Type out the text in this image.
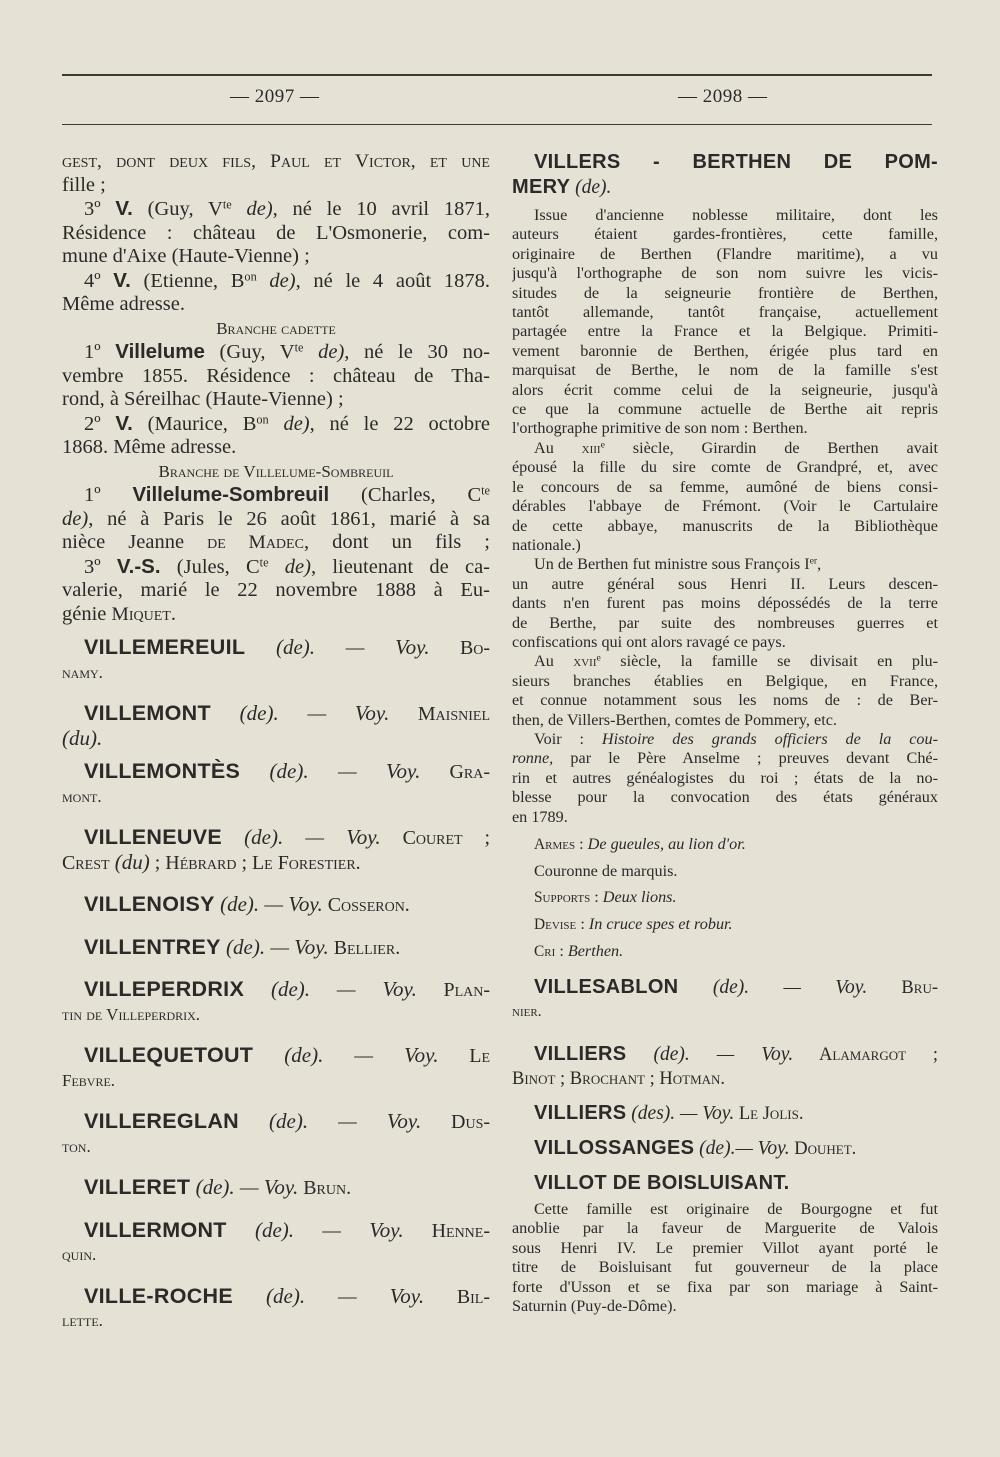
— 2097 —	— 2098 —
gest, dont deux fils, Paul et Victor, et une
fille ;
3º V. (Guy, $V^{te}$ de), né le 10 avril 1871,
Résidence : château de L'Osmonerie, com-
mune d'Aixe (Haute-Vienne) ;
4º V. (Etienne, $B^{on}$ de), né le 4 août 1878.
Même adresse.
Branche cadette
1º Villelume (Guy, $V^{te}$ de), né le 30 no-
vembre 1855. Résidence : château de Tha-
rond, à Séreilhac (Haute-Vienne) ;
2º V. (Maurice, $B^{on}$ de), né le 22 octobre
1868. Même adresse.
Branche de Villelume-Sombreuil
1º Villelume-Sombreuil (Charles, $C^{te}$
de), né à Paris le 26 août 1861, marié à sa
nièce Jeanne de Madec, dont un fils ;
3º V.-S. (Jules, $C^{te}$ de), lieutenant de ca-
valerie, marié le 22 novembre 1888 à Eu-
génie Miquet.
VILLEMEREUIL (de). — Voy. Bo-
namy.
VILLEMONT (de). — Voy. Maisniel
(du).
VILLEMONTÈS (de). — Voy. Gra-
mont.
VILLENEUVE (de). — Voy. Couret ;
Crest (du) ; Hébrard ; Le Forestier.
VILLENOISY (de). — Voy. Cosseron.
VILLENTREY (de). — Voy. Bellier.
VILLEPERDRIX (de). — Voy. Plan-
tin de Villeperdrix.
VILLEQUETOUT (de). — Voy. Le
Febvre.
VILLEREGLAN (de). — Voy. Dus-
ton.
VILLERET (de). — Voy. Brun.
VILLERMONT (de). — Voy. Henne-
quin.
VILLE-ROCHE (de). — Voy. Bil-
lette.
VILLERS - BERTHEN DE POM-
MERY (de).
Issue d'ancienne noblesse militaire, dont les
auteurs étaient gardes-frontières, cette famille,
originaire de Berthen (Flandre maritime), a vu
jusqu'à l'orthographe de son nom suivre les vicis-
situdes de la seigneurie frontière de Berthen,
tantôt allemande, tantôt française, actuellement
partagée entre la France et la Belgique. Primiti-
vement baronnie de Berthen, érigée plus tard en
marquisat de Berthe, le nom de la famille s'est
alors écrit comme celui de la seigneurie, jusqu'à
ce que la commune actuelle de Berthe ait repris
l'orthographe primitive de son nom : Berthen.
Au xiii$^e$ siècle, Girardin de Berthen avait
épousé la fille du sire comte de Grandpré, et, avec
le concours de sa femme, aumôné de biens consi-
dérables l'abbaye de Frémont. (Voir le Cartulaire
de cette abbaye, manuscrits de la Bibliothèque
nationale.)
Un de Berthen fut ministre sous François Ier,
un autre général sous Henri II. Leurs descen-
dants n'en furent pas moins dépossédés de la terre
de Berthe, par suite des nombreuses guerres et
confiscations qui ont alors ravagé ce pays.
Au xvii$^e$ siècle, la famille se divisait en plu-
sieurs branches établies en Belgique, en France,
et connue notamment sous les noms de : de Ber-
then, de Villers-Berthen, comtes de Pommery, etc.
Voir : Histoire des grands officiers de la cou-
ronne, par le Père Anselme ; preuves devant Ché-
rin et autres généalogistes du roi ; états de la no-
blesse pour la convocation des états généraux
en 1789.
Armes : De gueules, au lion d'or.
Couronne de marquis.
Supports : Deux lions.
Devise : In cruce spes et robur.
Cri : Berthen.
VILLESABLON (de). — Voy. Bru-
nier.
VILLIERS (de). — Voy. Alamargot ;
Binot ; Brochant ; Hotman.
VILLIERS (des). — Voy. Le Jolis.
VILLOSSANGES (de).— Voy. Douhet.
VILLOT DE BOISLUISANT.
Cette famille est originaire de Bourgogne et fut
anoblie par la faveur de Marguerite de Valois
sous Henri IV. Le premier Villot ayant porté le
titre de Boisluisant fut gouverneur de la place
forte d'Usson et se fixa par son mariage à Saint-
Saturnin (Puy-de-Dôme).
